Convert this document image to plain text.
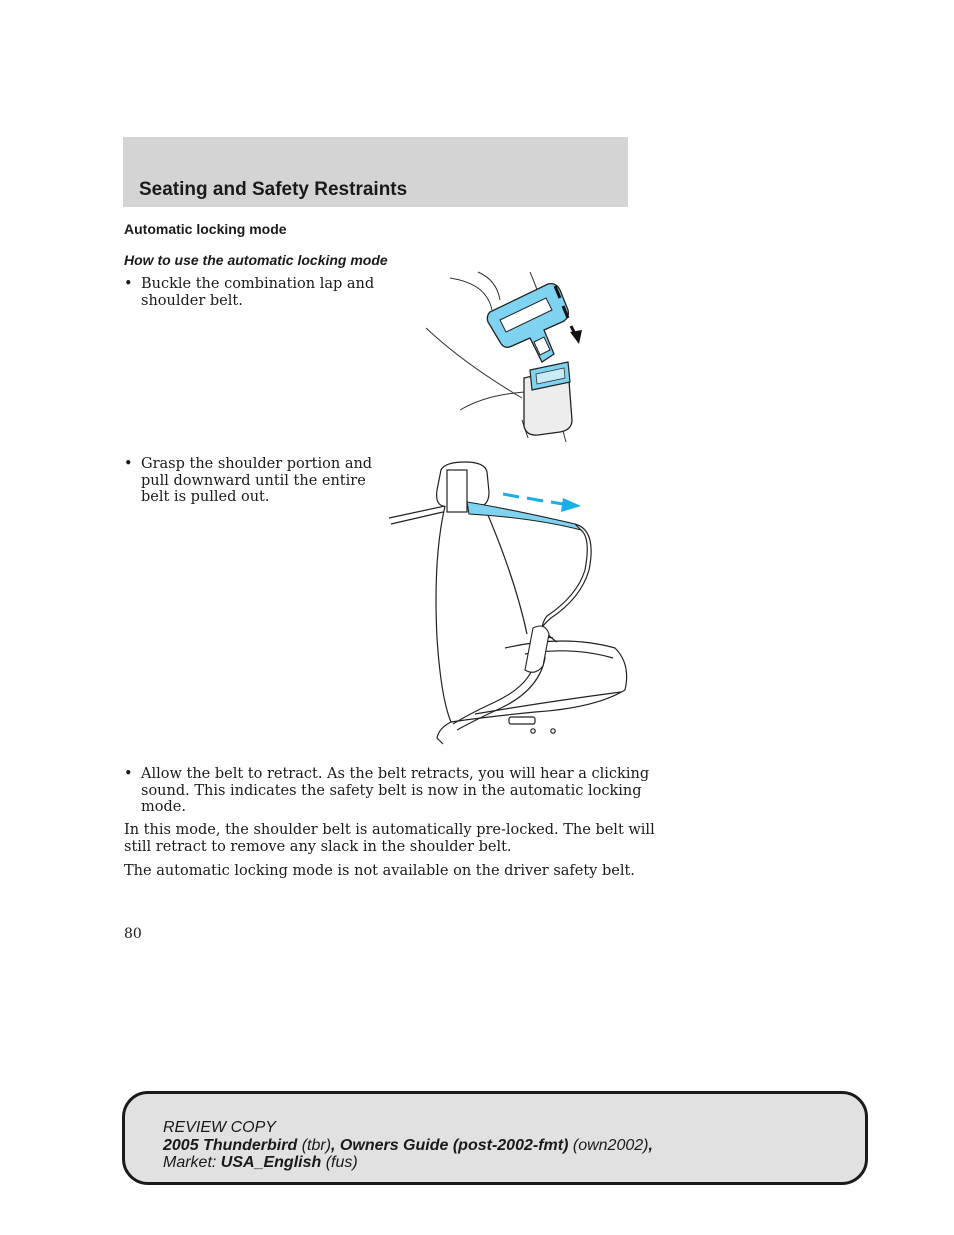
Seating and Safety Restraints
Automatic locking mode
How to use the automatic locking mode
• Buckle the combination lap and
shoulder belt.
• Grasp the shoulder portion and
pull downward until the entire
belt is pulled out.
• Allow the belt to retract. As the belt retracts, you will hear a clicking
sound. This indicates the safety belt is now in the automatic locking
mode.
In this mode, the shoulder belt is automatically pre-locked. The belt will
still retract to remove any slack in the shoulder belt.
The automatic locking mode is not available on the driver safety belt.
80
REVIEW COPY
2005 Thunderbird (tbr), Owners Guide (post-2002-fmt) (own2002),
Market: USA_English (fus)
